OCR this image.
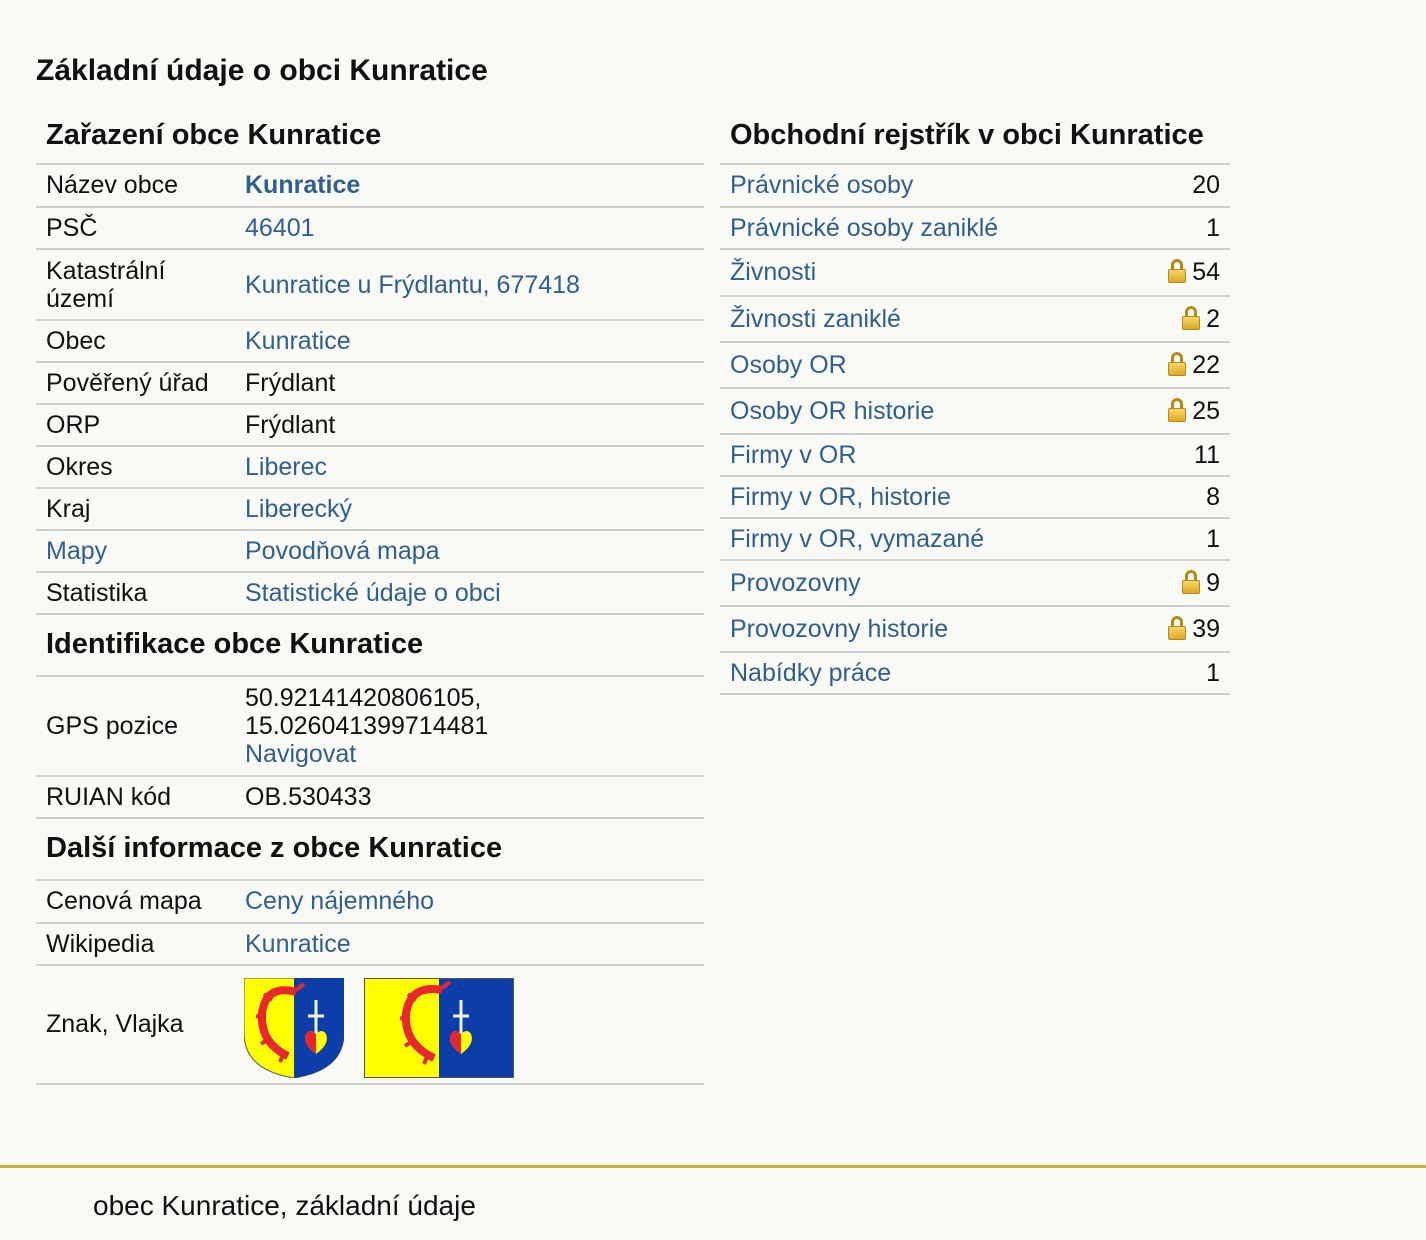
Základní údaje o obci Kunratice
Zařazení obce Kunratice
Název obce	Kunratice
PSČ	46401
Katastrální území	Kunratice u Frýdlantu, 677418
Obec	Kunratice
Pověřený úřad	Frýdlant
ORP	Frýdlant
Okres	Liberec
Kraj	Liberecký
Mapy	Povodňová mapa
Statistika	Statistické údaje o obci
Identifikace obce Kunratice
GPS pozice	50.92141420806105,
15.026041399714481
Navigovat
RUIAN kód	OB.530433
Další informace z obce Kunratice
Cenová mapa	Ceny nájemného
Wikipedia	Kunratice
Znak, Vlajka	
Obchodní rejstřík v obci Kunratice
Právnické osoby	20
Právnické osoby zaniklé	1
Živnosti	54
Živnosti zaniklé	2
Osoby OR	22
Osoby OR historie	25
Firmy v OR	11
Firmy v OR, historie	8
Firmy v OR, vymazané	1
Provozovny	9
Provozovny historie	39
Nabídky práce	1
obec Kunratice, základní údaje
